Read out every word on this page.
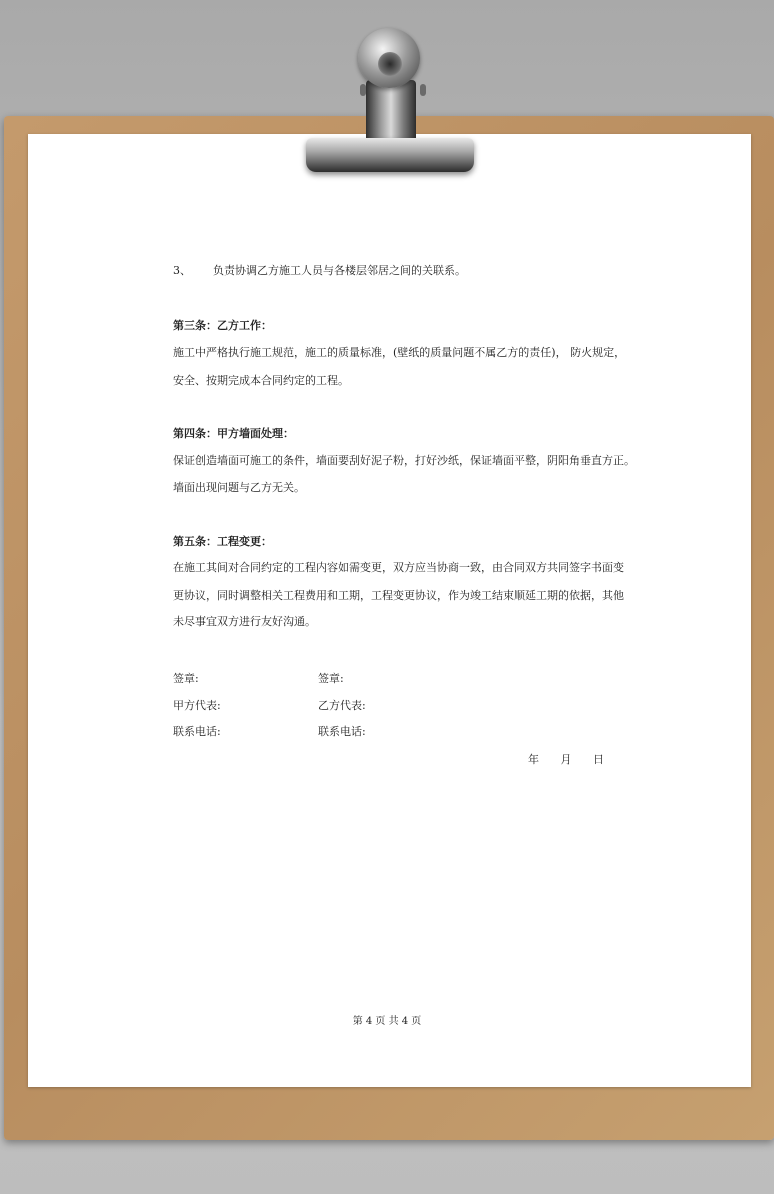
3、 负责协调乙方施工人员与各楼层邻居之间的关联系。
第三条：乙方工作：
施工中严格执行施工规范，施工的质量标准，(壁纸的质量问题不属乙方的责任)， 防火规定，
安全、按期完成本合同约定的工程。
第四条：甲方墙面处理：
保证创造墙面可施工的条件，墙面要刮好泥子粉，打好沙纸，保证墙面平整，阴阳角垂直方正。
墙面出现问题与乙方无关。
第五条：工程变更：
在施工其间对合同约定的工程内容如需变更，双方应当协商一致，由合同双方共同签字书面变
更协议，同时调整相关工程费用和工期，工程变更协议，作为竣工结束顺延工期的依据，其他
未尽事宜双方进行友好沟通。
签章:	签章:
甲方代表:	乙方代表:
联系电话:	联系电话:
年 月 日
第 4 页 共 4 页
